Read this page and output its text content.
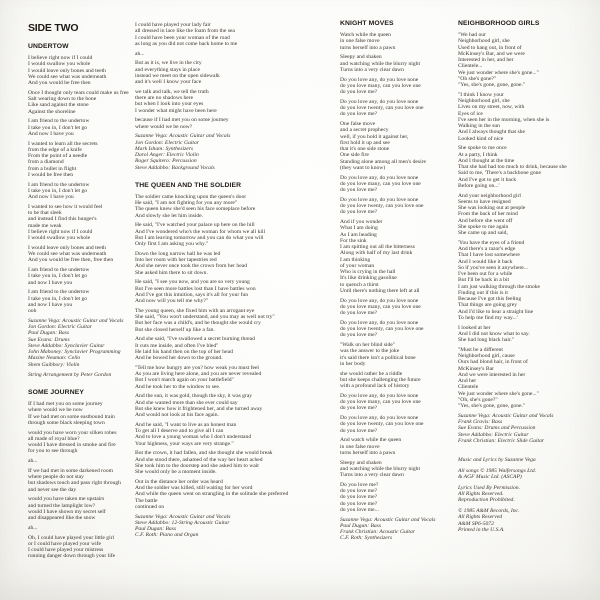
SIDE TWO
UNDERTOW
I believe right now if I could
I would swallow you whole
I would leave only bones and teeth
We could see what was underneath
And you would be free then
Once I thought only tears could make us free
Salt wearing down to the bone
Like sand against the stone
Against the shoreline
I am friend to the undertow
I take you in, I don't let go
And now I have you
I wanted to learn all the secrets
from the edge of a knife
From the point of a needle
from a diamond
from a bullet in flight
I would be free then
I am friend to the undertow
I take you in, I don't let go
And now I have you
I wanted to see how it would feel
to be that sleek
and instead I find this hunger's
made me weak
I believe right now if I could
I would swallow you whole
I would leave only bones and teeth
We could see what was underneath
And you would be free then, free then
I am friend to the undertow
I take you in, I don't let go
and now I have you
I am friend to the undertow
I take you in, I don't let go
and now I have you
ooh
Suzanne Vega: Acoustic Guitar and Vocals
Jon Gordon: Electric Guitar
Paul Dugan: Bass
Sue Evans: Drums
Steve Addabbo: Synclavier Guitar
John Mahoney: Synclavier Programming
Maxine Neuman: Cello
Shem Guibbory: Violin
String Arrangement by Peter Gordon
SOME JOURNEY
If I had met you on some journey
where would we be now
If we had met on some eastbound train
through some black sleeping town
would you have worn your silken robes
all made of royal blue?
would I have dressed in smoke and fire
for you to see through
ah...
If we had met in some darkened room
where people do not stay
but shadows touch and pass right through
and never see the day
would you have taken me upstairs
and turned the lamplight low?
would I have shown my secret self
and disappeared like the snow
ah...
Oh, I could have played your little girl
or I could have played your wife
I could have played your mistress
running danger down through your life
I could have played your lady fair
all dressed in lace like the foam from the sea
I could have been your woman of the road
as long as you did not come back home to me
ah...
But as it is, we live in the city
and everything stays in place
instead we meet on the open sidewalk
and it's well I know your face
we talk and talk, we tell the truth
there are no shadows here
but when I look into your eyes
I wonder what might have been here
because if I had met you on some journey
where would we be now?
Suzanne Vega: Acoustic Guitar and Vocals
Jon Gordon: Electric Guitar
Mark Isham: Synthesizers
Darol Anger: Electric Violin
Roger Squitero: Percussion
Steve Addabbo: Background Vocals
THE QUEEN AND THE SOLDIER
The soldier came knocking upon the queen's door
He said, "I am not fighting for you any more"
The queen knew she'd seen his face someplace before
And slowly she let him inside.
He said, "I've watched your palace up here on the hill
And I've wondered who's the woman for whom we all kill
But I am leaving tomorrow and you can do what you will
Only first I am asking you why."
Down the long narrow hall he was led
Into her room with her tapestries red
And she never once took the crown from her head
She asked him there to sit down.
He said, "I see you now, and you are so very young
But I've seen more battles lost than I have battles won
And I've got this intuition, says it's all for your fun
And now will you tell me why?"
The young queen, she fixed him with an arrogant eye
She said, "You won't understand, and you may as well not try"
But her face was a child's, and he thought she would cry
But she closed herself up like a fan.
And she said, "I've swallowed a secret burning thread
It cuts me inside, and often I've bled"
He laid his hand then on the top of her head
And he bowed her down to the ground.
"Tell me how hungry are you? how weak you must feel
As you are living here alone, and you are never revealed
But I won't march again on your battlefield"
And he took her to the window to see.
And the sun, it was gold, though the sky, it was gray
And she wanted more than she ever could say
But she knew how it frightened her, and she turned away
And would not look at his face again.
And he said, "I want to live as an honest man
To get all I deserve and to give all I can
And to love a young woman who I don't understand
Your highness, your ways are very strange."
But the crown, it had fallen, and she thought she would break
And she stood there, ashamed of the way her heart ached
She took him to the doorstep and she asked him to wait
She would only be a moment inside.
Out in the distance her order was heard
And the soldier was killed, still waiting for her word
And while the queen went on strangling in the solitude she preferred
The battle
continued on
Suzanne Vega: Acoustic Guitar and Vocals
Steve Addabbo: 12-String Acoustic Guitar
Paul Dugan: Bass
C.F. Roth: Piano and Organ
KNIGHT MOVES
Watch while the queen
in one false move
turns herself into a pawn
Sleepy and shaken
and watching while the blurry night
Turns into a very clear dawn
Do you love any, do you love none
do you love many, can you love one
do you love me?
Do you love any, do you love none
do you love twenty, can you love one
do you love me?
One false move
and a secret prophecy
well, if you hold it against her,
first hold it up and see
that it's one side stone
One side fire
Standing alone among all men's desire
(they want to know)
Do you love any, do you love none
do you love many, can you love one
do you love me?
Do you love any, do you love none
do you love twenty, can you love one
do you love me?
And if you wonder
What I am doing
As I am heading
For the sink
I am spitting out all the bitterness
Along with half of my last drink
I am thinking
of your woman
Who is crying in the hall
It's like drinking gasoline
to quench a thirst
Until there's nothing there left at all
Do you love any, do you love none
do you love many, can you love one
do you love me?
Do you love any, do you love none
do you love twenty, can you love one
do you love me?
"Walk on her blind side"
was the answer to the joke
it's said there isn't a political bone
in her body
she would rather be a riddle
but she keeps challenging the future
with a profound lack of history
Do you love any, do you love none
do you love many, can you love one
do you love me?
Do you love any, do you love none
do you love twenty, can you love one
do you love me?
And watch while the queen
in one false move
turns herself into a pawn
Sleepy and shaken
and watching while the blurry night
Turns into a very clear dawn
Do you love me?
do you love me?
do you love me?
do you love me?
do you love me...
Suzanne Vega: Acoustic Guitar and Vocals
Paul Dugan: Bass
Frank Christian: Acoustic Guitar
C.F. Roth: Synthesizers
NEIGHBORHOOD GIRLS
"We had our
Neighborhood girl, she
Used to hang out, in front of
McKinsey's Bar, and we were
Interested in her, and her
Clientele...
We just wonder where she's gone..."
"Oh she's gone?"
"Yes, she's gone, gone, gone."
"I think I know your
Neighborhood girl, she
Lives on my street, now, with
Eyes of ice
I've seen her in the morning, when she is
Walking in the sun
And I always thought that she
Looked kind of nice
She spoke to me once
At a party, I think
And I thought at the time
That she had had too much to drink, because she
Said to me, 'There's a backbone gone
And I've got to get it back
Before going on...'
And your neighborhood girl
Seems to have resigned
She was looking out at people
From the back of her mind
And before she went off
She spoke to me again
She came up and said,
'You have the eyes of a friend
And there's a razor's edge
That I have lost somewhere
And I would like it back
So if you've seen it anywhere...
I've been out for a while
But I'll be back in a bit
I am just walking through the smoke
Finding out if this is it
Because I've got this feeling
That things are going grey
And I'd like to hear a straight line
To help me find my way...'
I looked at her
And I did not know what to say.
She had long black hair."
"Must be a different
Neighborhood girl, cause
Ours had blond hair, in front of
McKinsey's Bar
And we were interested in her
And her
Clientele
We just wonder where she's gone..."
"Oh, she's gone?"
"Yes, she's gone, gone, gone."
Suzanne Vega: Acoustic Guitar and Vocals
Frank Gravis: Bass
Sue Evans: Drums and Percussion
Steve Addabbo: Electric Guitar
Frank Christian: Electric Slide Guitar
Music and Lyrics by Suzanne Vega
All songs © 1985 Waifersongs Ltd.
& AGF Music Ltd. (ASCAP)
Lyrics Used By Permission.
All Rights Reserved.
Reproduction Prohibited.
© 1985 A&M Records, Inc.
All Rights Reserved
A&M SP6-5072
Printed in the U.S.A.
